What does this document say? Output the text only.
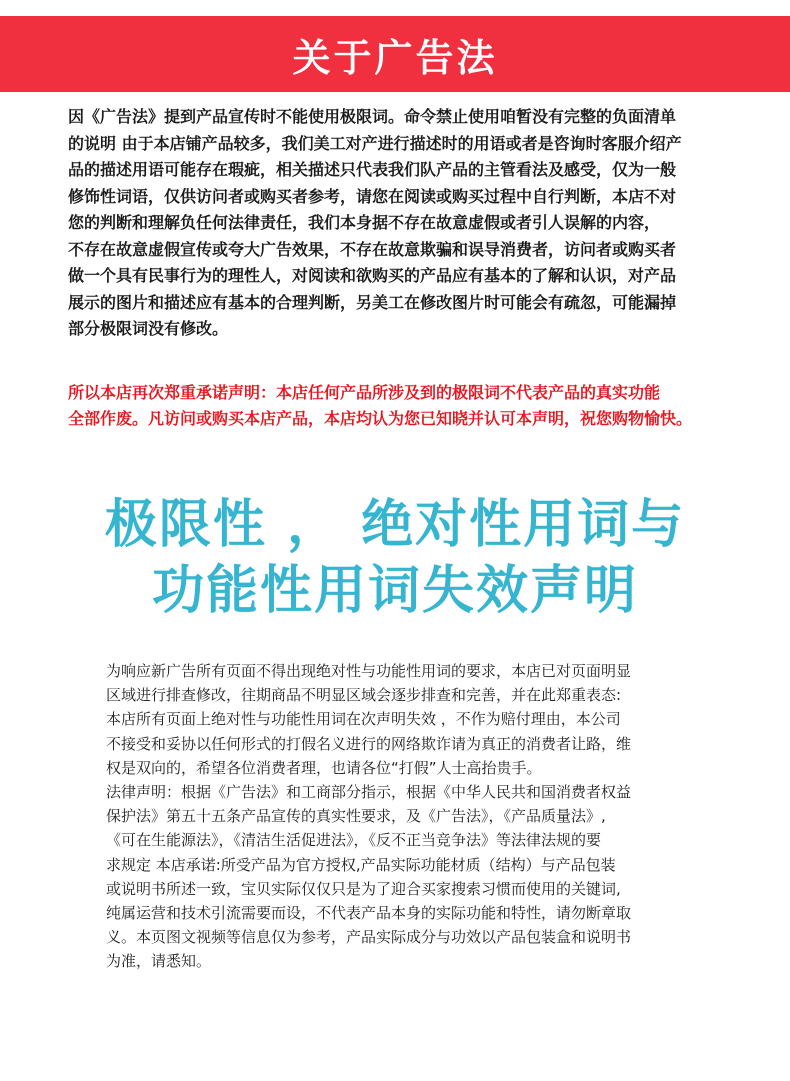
关于广告法

因《广告法》提到产品宣传时不能使用极限词。命令禁止使用咱暂没有完整的负面清单

的说明 由于本店铺产品较多，我们美工对产进行描述时的用语或者是咨询时客服介绍产

品的描述用语可能存在瑕疵，相关描述只代表我们队产品的主管看法及感受，仅为一般

修饰性词语，仅供访问者或购买者参考，请您在阅读或购买过程中自行判断，本店不对

您的判断和理解负任何法律责任，我们本身据不存在故意虚假或者引人误解的内容，

不存在故意虚假宣传或夸大广告效果，不存在故意欺骗和误导消费者，访问者或购买者

做一个具有民事行为的理性人，对阅读和欲购买的产品应有基本的了解和认识，对产品

展示的图片和描述应有基本的合理判断，另美工在修改图片时可能会有疏忽，可能漏掉

部分极限词没有修改。

所以本店再次郑重承诺声明：本店任何产品所涉及到的极限词不代表产品的真实功能

全部作废。凡访问或购买本店产品，本店均认为您已知晓并认可本声明，祝您购物愉快。

极限性 ， 绝对性用词与
功能性用词失效声明

为响应新广告所有页面不得出现绝对性与功能性用词的要求，本店已对页面明显

区域进行排查修改，往期商品不明显区域会逐步排查和完善，并在此郑重表态:

本店所有页面上绝对性与功能性用词在次声明失效 ，不作为赔付理由，本公司

不接受和妥协以任何形式的打假名义进行的网络欺诈请为真正的消费者让路，维

权是双向的，希望各位消费者理，也请各位“打假”人士高抬贵手。

法律声明：根据《广告法》和工商部分指示，根据《中华人民共和国消费者权益

保护法》第五十五条产品宣传的真实性要求，及《广告法》，《产品质量法》,

《可在生能源法》，《清洁生活促进法》，《反不正当竞争法》等法律法规的要

求规定 本店承诺:所受产品为官方授权,产品实际功能材质（结构）与产品包装

或说明书所述一致，宝贝实际仅仅只是为了迎合买家搜索习惯而使用的关键词,

纯属运营和技术引流需要而设，不代表产品本身的实际功能和特性，请勿断章取

义。本页图文视频等信息仅为参考，产品实际成分与功效以产品包装盒和说明书

为准，请悉知。
